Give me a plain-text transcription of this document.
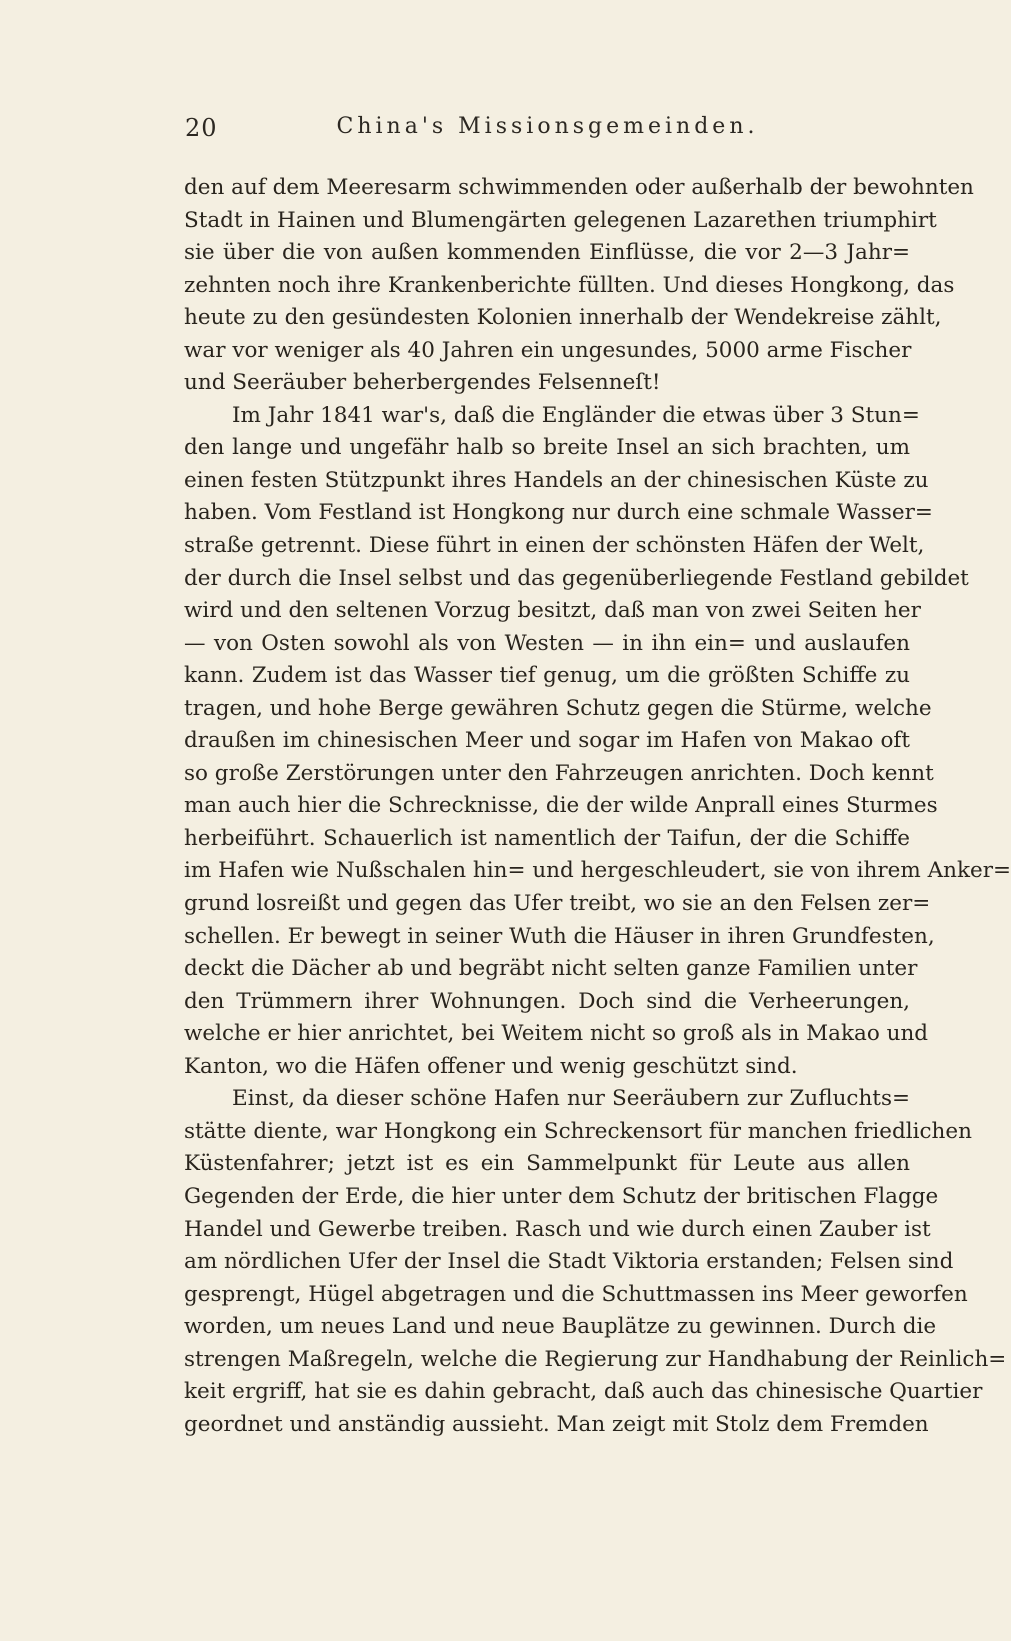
20	China's Missionsgemeinden.
den auf dem Meeresarm schwimmenden oder außerhalb der bewohnten
Stadt in Hainen und Blumengärten gelegenen Lazarethen triumphirt
sie über die von außen kommenden Einflüsse, die vor 2—3 Jahr=
zehnten noch ihre Krankenberichte füllten. Und dieses Hongkong, das
heute zu den gesündesten Kolonien innerhalb der Wendekreise zählt,
war vor weniger als 40 Jahren ein ungesundes, 5000 arme Fischer
und Seeräuber beherbergendes Felsenneſt!
Im Jahr 1841 war's, daß die Engländer die etwas über 3 Stun=
den lange und ungefähr halb so breite Insel an sich brachten, um
einen festen Stützpunkt ihres Handels an der chinesischen Küste zu
haben. Vom Festland ist Hongkong nur durch eine schmale Wasser=
straße getrennt. Diese führt in einen der schönsten Häfen der Welt,
der durch die Insel selbst und das gegenüberliegende Festland gebildet
wird und den seltenen Vorzug besitzt, daß man von zwei Seiten her
— von Osten sowohl als von Westen — in ihn ein= und auslaufen
kann. Zudem ist das Wasser tief genug, um die größten Schiffe zu
tragen, und hohe Berge gewähren Schutz gegen die Stürme, welche
draußen im chinesischen Meer und sogar im Hafen von Makao oft
so große Zerstörungen unter den Fahrzeugen anrichten. Doch kennt
man auch hier die Schrecknisse, die der wilde Anprall eines Sturmes
herbeiführt. Schauerlich ist namentlich der Taifun, der die Schiffe
im Hafen wie Nußschalen hin= und hergeschleudert, sie von ihrem Anker=
grund losreißt und gegen das Ufer treibt, wo sie an den Felsen zer=
schellen. Er bewegt in seiner Wuth die Häuser in ihren Grundfesten,
deckt die Dächer ab und begräbt nicht selten ganze Familien unter
den Trümmern ihrer Wohnungen. Doch sind die Verheerungen,
welche er hier anrichtet, bei Weitem nicht so groß als in Makao und
Kanton, wo die Häfen offener und wenig geschützt sind.
Einst, da dieser schöne Hafen nur Seeräubern zur Zufluchts=
stätte diente, war Hongkong ein Schreckensort für manchen friedlichen
Küstenfahrer; jetzt ist es ein Sammelpunkt für Leute aus allen
Gegenden der Erde, die hier unter dem Schutz der britischen Flagge
Handel und Gewerbe treiben. Rasch und wie durch einen Zauber ist
am nördlichen Ufer der Insel die Stadt Viktoria erstanden; Felsen sind
gesprengt, Hügel abgetragen und die Schuttmassen ins Meer geworfen
worden, um neues Land und neue Bauplätze zu gewinnen. Durch die
strengen Maßregeln, welche die Regierung zur Handhabung der Reinlich=
keit ergriff, hat sie es dahin gebracht, daß auch das chinesische Quartier
geordnet und anständig aussieht. Man zeigt mit Stolz dem Fremden
